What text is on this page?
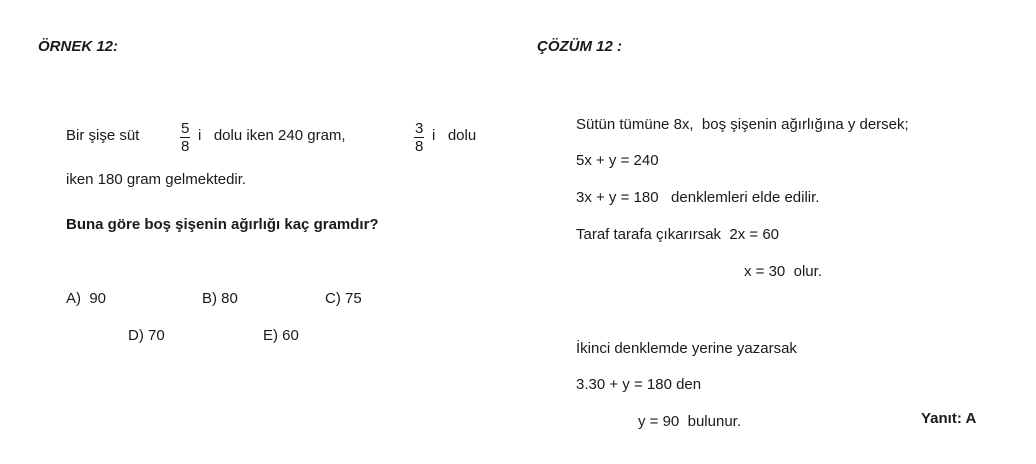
ÖRNEK 12:
Bir şişe süt	$\frac{5}{8}$ i   dolu iken 240 gram,	$\frac{3}{8}$ i   dolu
iken 180 gram gelmektedir.
Buna göre boş şişenin ağırlığı kaç gramdır?
A)  90	B) 80	C) 75
D) 70	E) 60
ÇÖZÜM 12 :
Sütün tümüne 8x,  boş şişenin ağırlığına y dersek;
5x + y = 240
3x + y = 180   denklemleri elde edilir.
Taraf tarafa çıkarırsak  2x = 60
x = 30  olur.
İkinci denklemde yerine yazarsak
3.30 + y = 180 den
y = 90  bulunur.	Yanıt: A
